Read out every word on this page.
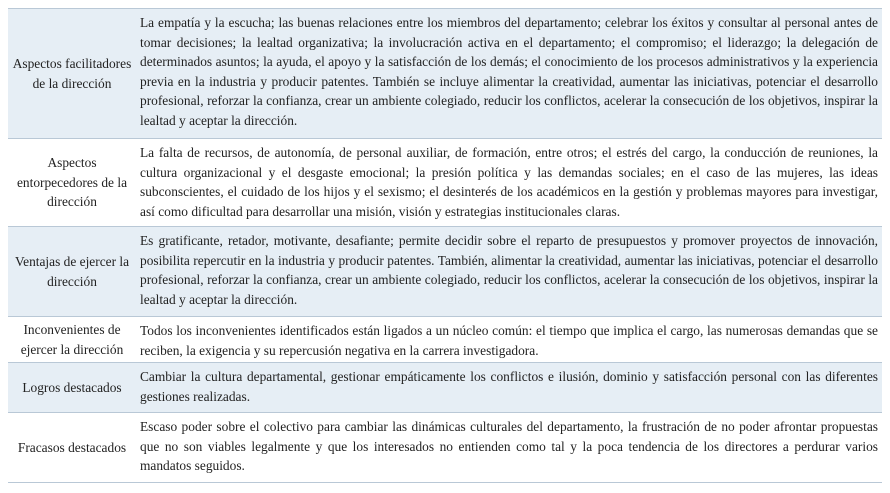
Aspectos facilitadores de la dirección
La empatía y la escucha; las buenas relaciones entre los miembros del departamento; celebrar los éxitos y consultar al personal antes de tomar decisiones; la lealtad organizativa; la involucración activa en el departamento; el compromiso; el liderazgo; la delegación de determinados asuntos; la ayuda, el apoyo y la satisfacción de los demás; el conocimiento de los procesos administrativos y la experiencia previa en la industria y producir patentes. También se incluye alimentar la creatividad, aumentar las iniciativas, potenciar el desarrollo profesional, reforzar la confianza, crear un ambiente colegiado, reducir los conflictos, acelerar la consecución de los objetivos, inspirar la lealtad y aceptar la dirección.
Aspectos entorpecedores de la dirección
La falta de recursos, de autonomía, de personal auxiliar, de formación, entre otros; el estrés del cargo, la conducción de reuniones, la cultura organizacional y el desgaste emocional; la presión política y las demandas sociales; en el caso de las mujeres, las ideas subconscientes, el cuidado de los hijos y el sexismo; el desinterés de los académicos en la gestión y problemas mayores para investigar, así como dificultad para desarrollar una misión, visión y estrategias institucionales claras.
Ventajas de ejercer la dirección
Es gratificante, retador, motivante, desafiante; permite decidir sobre el reparto de presupuestos y promover proyectos de innovación, posibilita repercutir en la industria y producir patentes. También, alimentar la creatividad, aumentar las iniciativas, potenciar el desarrollo profesional, reforzar la confianza, crear un ambiente colegiado, reducir los conflictos, acelerar la consecución de los objetivos, inspirar la lealtad y aceptar la dirección.
Inconvenientes de ejercer la dirección
Todos los inconvenientes identificados están ligados a un núcleo común: el tiempo que implica el cargo, las numerosas demandas que se reciben, la exigencia y su repercusión negativa en la carrera investigadora.
Logros destacados
Cambiar la cultura departamental, gestionar empáticamente los conflictos e ilusión, dominio y satisfacción personal con las diferentes gestiones realizadas.
Fracasos destacados
Escaso poder sobre el colectivo para cambiar las dinámicas culturales del departamento, la frustración de no poder afrontar propuestas que no son viables legalmente y que los interesados no entienden como tal y la poca tendencia de los directores a perdurar varios mandatos seguidos.
